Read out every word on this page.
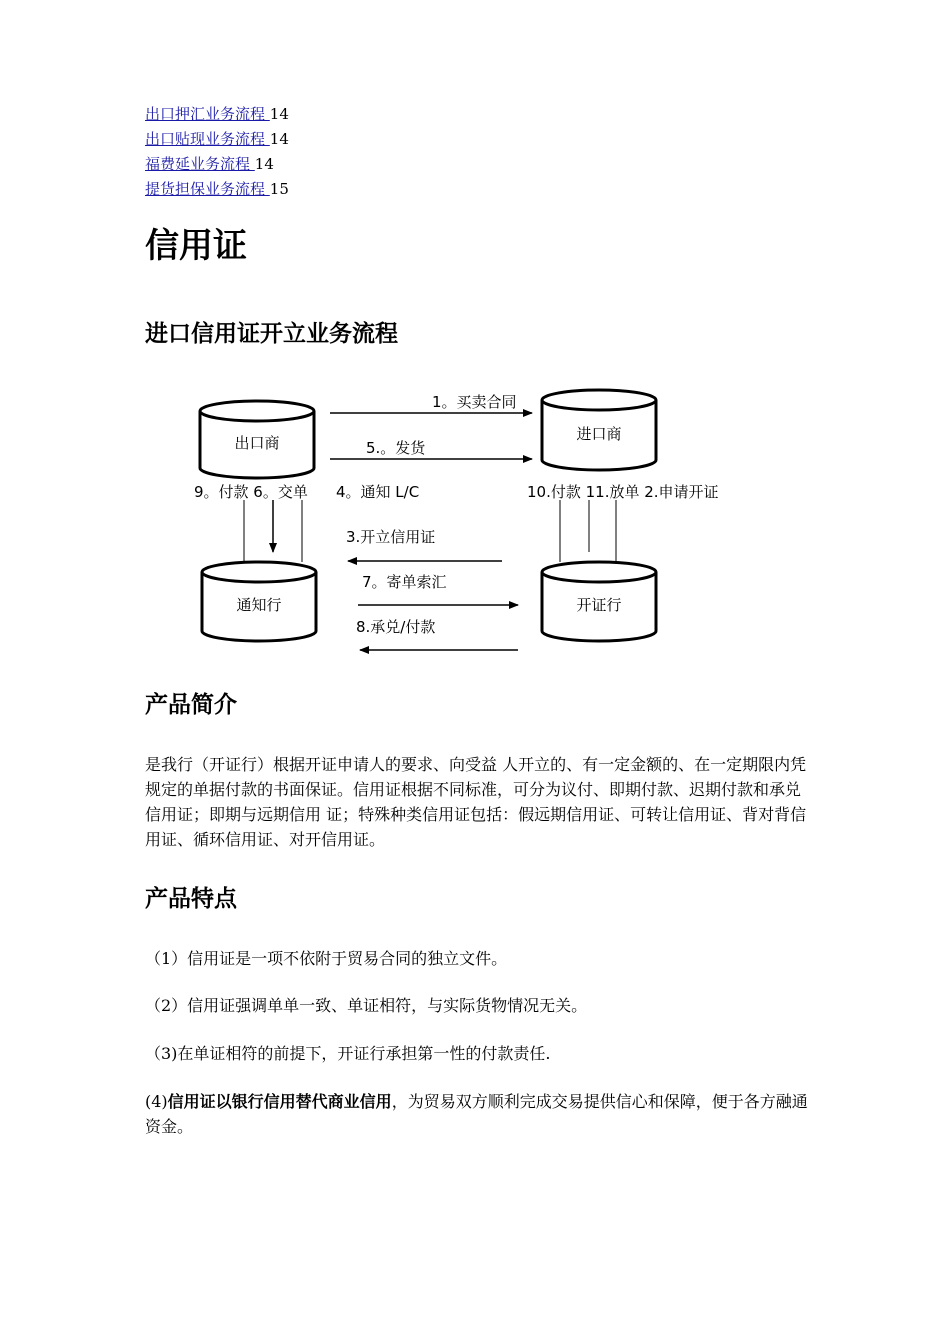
出口押汇业务流程 14
出口贴现业务流程 14
福费延业务流程 14
提货担保业务流程 15
信用证
进口信用证开立业务流程
出口商	进口商
通知行	开证行
1。买卖合同
5.。发货
9。付款 6。交单 4。通知 L/C	10.付款 11.放单 2.申请开证
3.开立信用证
7。寄单索汇
8.承兑/付款
产品简介

是我行（开证行）根据开证申请人的要求、向受益 人开立的、有一定金额的、在一定期限内凭规定的单据付款的书面保证。信用证根据不同标准，可分为议付、即期付款、迟期付款和承兑信用证；即期与远期信用 证；特殊种类信用证包括：假远期信用证、可转让信用证、背对背信用证、循环信用证、对开信用证。

产品特点

（1）信用证是一项不依附于贸易合同的独立文件。

（2）信用证强调单单一致、单证相符，与实际货物情况无关。

（3)在单证相符的前提下，开证行承担第一性的付款责任.

(4)信用证以银行信用替代商业信用，为贸易双方顺利完成交易提供信心和保障，便于各方融通资金。
